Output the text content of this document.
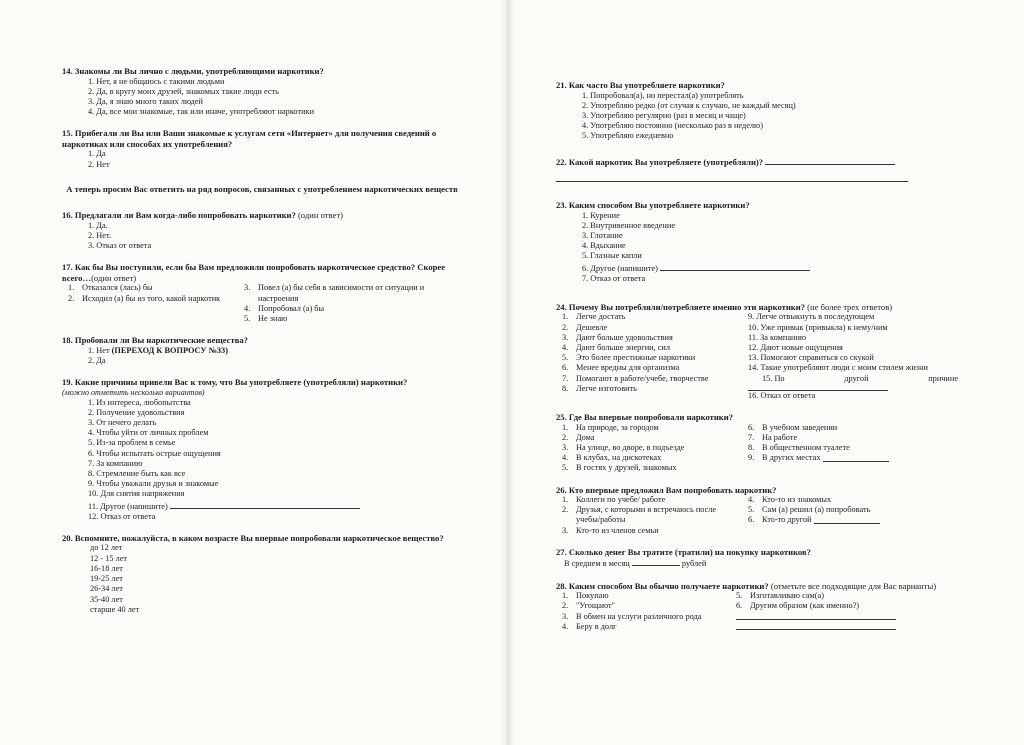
14. Знакомы ли Вы лично с людьми, употребляющими наркотики?
1. Нет, я не общаюсь с такими людьми
2. Да, в кругу моих друзей, знакомых такие люди есть
3. Да, я знаю много таких людей
4. Да, все мои знакомые, так или иначе, употребляют наркотики
15. Прибегали ли Вы или Ваши знакомые к услугам сети «Интернет» для получения сведений о наркотиках или способах их употребления?
1. Да
2. Нет
А теперь просим Вас ответить на ряд вопросов, связанных с употреблением наркотических веществ
16. Предлагали ли Вам когда-либо попробовать наркотики? (один ответ)
1. Да.
2. Нет.
3. Отказ от ответа
17. Как бы Вы поступили, если бы Вам предложили попробовать наркотическое средство? Скорее всего…(один ответ)
1. Отказался (лась) бы
2. Исходил (а) бы из того, какой наркотик
3. Повел (а) бы себя в зависимости от ситуации и настроения
4. Попробовал (а) бы
5. Не знаю
18. Пробовали ли Вы наркотические вещества?
1. Нет (ПЕРЕХОД К ВОПРОСУ №33)
2. Да
19. Какие причины привели Вас к тому, что Вы употребляете (употребляли) наркотики?
(можно отметить несколько вариантов)
1. Из интереса, любопытства
2. Получение удовольствия
3. От нечего делать
4. Чтобы уйти от личных проблем
5. Из-за проблем в семье
6. Чтобы испытать острые ощущения
7. За компанию
8. Стремление быть как все
9. Чтобы уважали друзья и знакомые
10. Для снятия напряжения
11. Другое (напишите)
12. Отказ от ответа
20. Вспомните, пожалуйста, в каком возрасте Вы впервые попробовали наркотическое вещество?
до 12 лет
12 - 15 лет
16-18 лет
19-25 лет
26-34 лет
35-40 лет
старше 40 лет
21. Как часто Вы употребляете наркотики?
1. Попробовал(а), но перестал(а) употреблять
2. Употребляю редко (от случая к случаю, не каждый месяц)
3. Употребляю регулярно (раз в месяц и чаще)
4. Употребляю постоянно (несколько раз в неделю)
5. Употребляю ежедневно
22. Какой наркотик Вы употребляете (употребляли)?
23. Каким способом Вы употребляете наркотики?
1. Курение
2. Внутривенное введение
3. Глотание
4. Вдыхание
5. Глазные капли
6. Другое (напишите)
7. Отказ от ответа
24. Почему Вы потребляли/потребляете именно эти наркотики? (не более трех ответов)
1. Легче достать
2. Дешевле
3. Дают больше удовольствия
4. Дают больше энергии, сил
5. Это более престижные наркотики
6. Менее вредны для организма
7. Помогают в работе/учебе, творчестве
8. Легче изготовить
9. Легче отвыкнуть в последующем
10. Уже привык (привыкла) к нему/ним
11. За компанию
12. Дают новые ощущения
13. Помогают справиться со скукой
14. Такие употребляют люди с моим стилем жизни
15. По	другой	причине
16. Отказ от ответа
25. Где Вы впервые попробовали наркотики?
1. На природе, за городом
2. Дома
3. На улице, во дворе, в подъезде
4. В клубах, на дискотеках
5. В гостях у друзей, знакомых
6. В учебном заведении
7. На работе
8. В общественном туалете
9. В других местах

26. Кто впервые предложил Вам попробовать наркотик?
1. Коллеги по учебе/ работе
2. Друзья, с которыми я встречаюсь после учебы/работы
3. Кто-то из членов семьи
4. Кто-то из знакомых
5. Сам (а) решил (а) попробовать
6. Кто-то другой

27. Сколько денег Вы тратите (тратили) на покупку наркотиков?
В среднем в месяц	рублей
28. Каким способом Вы обычно получаете наркотики? (отметьте все подходящие для Вас варианты)
1. Покупаю
2. "Угощают"
3. В обмен на услуги различного рода
4. Беру в долг
5. Изготавливаю сам(а)
6. Другим образом (как именно?)
